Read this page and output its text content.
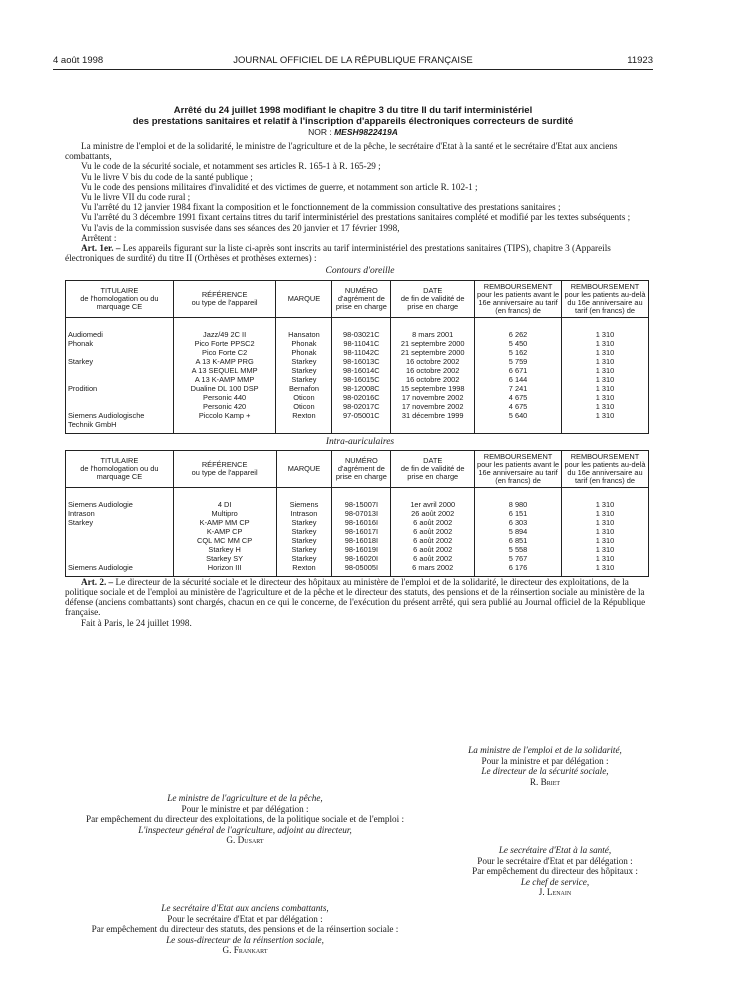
4 août 1998	JOURNAL OFFICIEL DE LA RÉPUBLIQUE FRANÇAISE	11923
Arrêté du 24 juillet 1998 modifiant le chapitre 3 du titre II du tarif interministériel
des prestations sanitaires et relatif à l'inscription d'appareils électroniques correcteurs de surdité
NOR : MESH9822419A

La ministre de l'emploi et de la solidarité, le ministre de l'agriculture et de la pêche, le secrétaire d'Etat à la santé et le secrétaire d'Etat aux anciens combattants,

Vu le code de la sécurité sociale, et notamment ses articles R. 165-1 à R. 165-29 ;

Vu le livre V bis du code de la santé publique ;

Vu le code des pensions militaires d'invalidité et des victimes de guerre, et notamment son article R. 102-1 ;

Vu le livre VII du code rural ;

Vu l'arrêté du 12 janvier 1984 fixant la composition et le fonctionnement de la commission consultative des prestations sanitaires ;

Vu l'arrêté du 3 décembre 1991 fixant certains titres du tarif interministériel des prestations sanitaires complété et modifié par les textes subséquents ;

Vu l'avis de la commission susvisée dans ses séances des 20 janvier et 17 février 1998,

Arrêtent :

Art. 1er. – Les appareils figurant sur la liste ci-après sont inscrits au tarif interministériel des prestations sanitaires (TIPS), chapitre 3 (Appareils électroniques de surdité) du titre II (Orthèses et prothèses externes) :

Contours d'oreille
TITULAIRE
de l'homologation ou du marquage CE	RÉFÉRENCE
ou type de l'appareil	MARQUE	NUMÉRO
d'agrément de prise en charge	DATE
de fin de validité de prise en charge	REMBOURSEMENT
pour les patients avant le 16e anniversaire au tarif (en francs) de	REMBOURSEMENT
pour les patients au-delà du 16e anniversaire au tarif (en francs) de
Audiomedi	Jazz/49 2C II	Hansaton	98-03021C	8 mars 2001	6 262	1 310
Phonak	Pico Forte PPSC2	Phonak	98-11041C	21 septembre 2000	5 450	1 310
	Pico Forte C2	Phonak	98-11042C	21 septembre 2000	5 162	1 310
Starkey	A 13 K-AMP PRG	Starkey	98-16013C	16 octobre 2002	5 759	1 310
	A 13 SEQUEL MMP	Starkey	98-16014C	16 octobre 2002	6 671	1 310
	A 13 K-AMP MMP	Starkey	98-16015C	16 octobre 2002	6 144	1 310
Prodition	Dualine DL 100 DSP	Bernafon	98-12008C	15 septembre 1998	7 241	1 310
	Personic 440	Oticon	98-02016C	17 novembre 2002	4 675	1 310
	Personic 420	Oticon	98-02017C	17 novembre 2002	4 675	1 310
Siemens Audiologische Technik GmbH	Piccolo Kamp +	Rexton	97-05001C	31 décembre 1999	5 640	1 310
Intra-auriculaires
TITULAIRE
de l'homologation ou du marquage CE	RÉFÉRENCE
ou type de l'appareil	MARQUE	NUMÉRO
d'agrément de prise en charge	DATE
de fin de validité de prise en charge	REMBOURSEMENT
pour les patients avant le 16e anniversaire au tarif (en francs) de	REMBOURSEMENT
pour les patients au-delà du 16e anniversaire au tarif (en francs) de
Siemens Audiologie	4 DI	Siemens	98-15007I	1er avril 2000	8 980	1 310
Intrason	Multipro	Intrason	98-07013I	26 août 2002	6 151	1 310
Starkey	K-AMP MM CP	Starkey	98-16016I	6 août 2002	6 303	1 310
	K-AMP CP	Starkey	98-16017I	6 août 2002	5 894	1 310
	CQL MC MM CP	Starkey	98-16018I	6 août 2002	6 851	1 310
	Starkey H	Starkey	98-16019I	6 août 2002	5 558	1 310
	Starkey SY	Starkey	98-16020I	6 août 2002	5 767	1 310
Siemens Audiologie	Horizon III	Rexton	98-05005I	6 mars 2002	6 176	1 310

Art. 2. – Le directeur de la sécurité sociale et le directeur des hôpitaux au ministère de l'emploi et de la solidarité, le directeur des exploitations, de la politique sociale et de l'emploi au ministère de l'agriculture et de la pêche et le directeur des statuts, des pensions et de la réinsertion sociale au ministère de la défense (anciens combattants) sont chargés, chacun en ce qui le concerne, de l'exécution du présent arrêté, qui sera publié au Journal officiel de la République française.

Fait à Paris, le 24 juillet 1998.

La ministre de l'emploi et de la solidarité,
Pour la ministre et par délégation :
Le directeur de la sécurité sociale,
R. Briet
Le ministre de l'agriculture et de la pêche,
Pour le ministre et par délégation :
Par empêchement du directeur des exploitations, de la politique sociale et de l'emploi :
L'inspecteur général de l'agriculture, adjoint au directeur,
G. Dusart
Le secrétaire d'Etat à la santé,
Pour le secrétaire d'Etat et par délégation :
Par empêchement du directeur des hôpitaux :
Le chef de service,
J. Lenain
Le secrétaire d'Etat aux anciens combattants,
Pour le secrétaire d'Etat et par délégation :
Par empêchement du directeur des statuts, des pensions et de la réinsertion sociale :
Le sous-directeur de la réinsertion sociale,
G. Frankart
